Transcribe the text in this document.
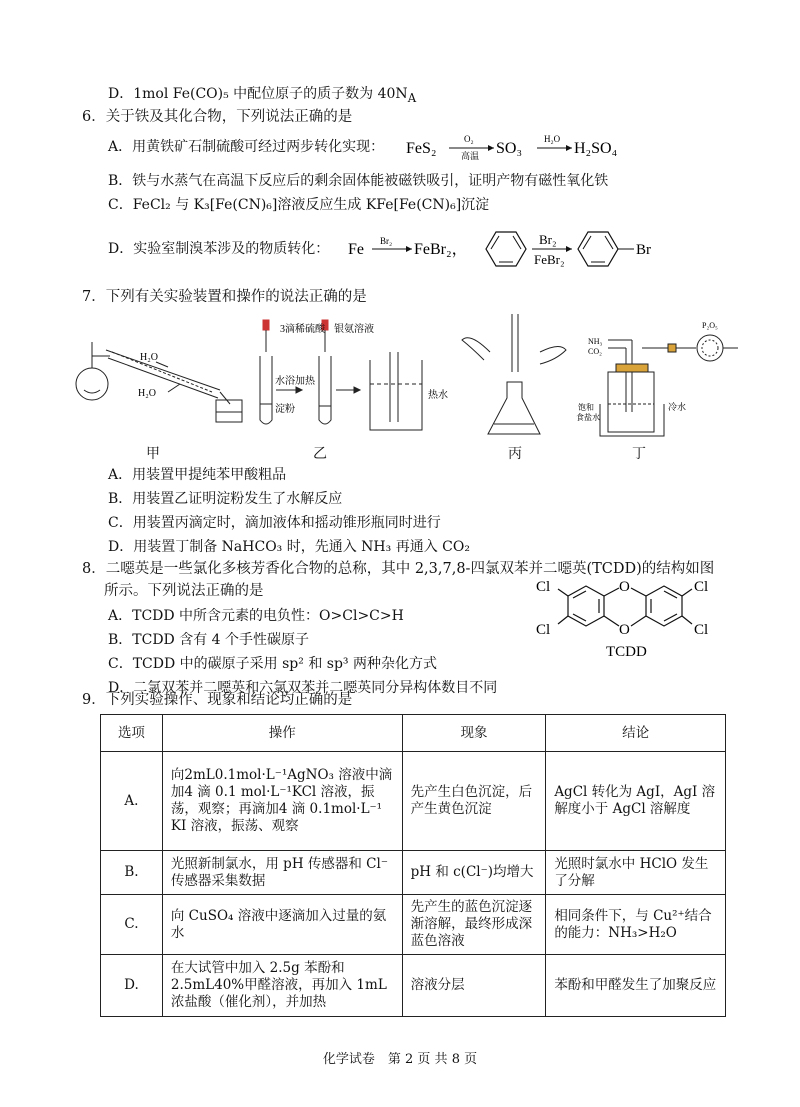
D．1mol Fe(CO)₅ 中配位原子的质子数为 $40N_A$
6．关于铁及其化合物，下列说法正确的是
A．用黄铁矿石制硫酸可经过两步转化实现： FeS₂
O₂
高温 SO₃
H₂O
H₂SO₄
B．铁与水蒸气在高温下反应后的剩余固体能被磁铁吸引，证明产物有磁性氧化铁
C．FeCl₂ 与 K₃[Fe(CN)₆]溶液反应生成 KFe[Fe(CN)₆]沉淀
D．实验室制溴苯涉及的物质转化： Fe Br₂ FeBr₂，
Br₂
FeBr₂
Br
7．下列有关实验装置和操作的说法正确的是
H₂O
H₂O
3滴稀硫酸 银氨溶液
水浴加热
淀粉
热水
NH₃
CO₂
P₂O₅
饱和
食盐水
冷水
甲	乙	丙	丁
A．用装置甲提纯苯甲酸粗品
B．用装置乙证明淀粉发生了水解反应
C．用装置丙滴定时，滴加液体和摇动锥形瓶同时进行
D．用装置丁制备 NaHCO₃ 时，先通入 NH₃ 再通入 CO₂
8．二噁英是一些氯化多核芳香化合物的总称，其中 2,3,7,8-四氯双苯并二噁英(TCDD)的结构如图
所示。下列说法正确的是
A．TCDD 中所含元素的电负性：O>Cl>C>H
B．TCDD 含有 4 个手性碳原子
C．TCDD 中的碳原子采用 sp² 和 sp³ 两种杂化方式
D．二氯双苯并二噁英和六氯双苯并二噁英同分异构体数目不同
O
O
Cl
Cl
Cl
Cl
TCDD
9．下列实验操作、现象和结论均正确的是
选项	操作	现象	结论
A.	向2mL0.1mol·L⁻¹AgNO₃ 溶液中滴加4 滴 0.1 mol·L⁻¹KCl 溶液，振荡，观察；再滴加4 滴 0.1mol·L⁻¹ KI 溶液，振荡、观察	先产生白色沉淀，后产生黄色沉淀	AgCl 转化为 AgI，AgI 溶解度小于 AgCl 溶解度
B.	光照新制氯水，用 pH 传感器和 Cl⁻传感器采集数据	pH 和 c(Cl⁻)均增大	光照时氯水中 HClO 发生了分解
C.	向 CuSO₄ 溶液中逐滴加入过量的氨水	先产生的蓝色沉淀逐渐溶解，最终形成深蓝色溶液	相同条件下，与 Cu²⁺结合的能力：NH₃>H₂O
D.	在大试管中加入 2.5g 苯酚和2.5mL40%甲醛溶液，再加入 1mL浓盐酸（催化剂），并加热	溶液分层	苯酚和甲醛发生了加聚反应
化学试卷　第 2 页 共 8 页
